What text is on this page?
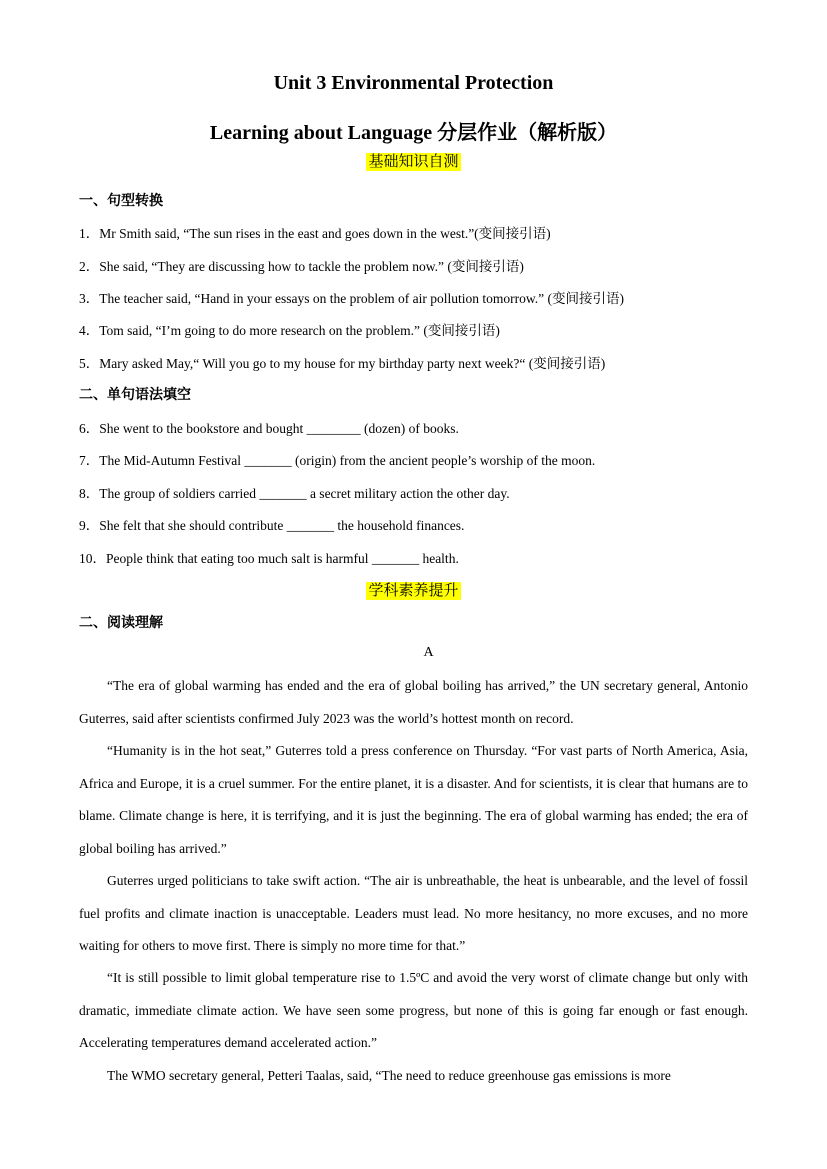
Unit 3 Environmental Protection
Learning about Language 分层作业（解析版）
基础知识自测
一、句型转换
1．Mr Smith said, “The sun rises in the east and goes down in the west.”(变间接引语)
2．She said, “They are discussing how to tackle the problem now.” (变间接引语)
3．The teacher said, “Hand in your essays on the problem of air pollution tomorrow.” (变间接引语)
4．Tom said, “I’m going to do more research on the problem.” (变间接引语)
5．Mary asked May,“ Will you go to my house for my birthday party next week?“ (变间接引语)
二、单句语法填空
6．She went to the bookstore and bought ________ (dozen) of books.
7．The Mid-Autumn Festival _______ (origin) from the ancient people’s worship of the moon.
8．The group of soldiers carried _______ a secret military action the other day.
9．She felt that she should contribute _______ the household finances.
10．People think that eating too much salt is harmful _______ health.
学科素养提升
二、阅读理解
A
“The era of global warming has ended and the era of global boiling has arrived,” the UN secretary general, Antonio Guterres, said after scientists confirmed July 2023 was the world’s hottest month on record.
“Humanity is in the hot seat,” Guterres told a press conference on Thursday. “For vast parts of North America, Asia, Africa and Europe, it is a cruel summer. For the entire planet, it is a disaster. And for scientists, it is clear that humans are to blame. Climate change is here, it is terrifying, and it is just the beginning. The era of global warming has ended; the era of global boiling has arrived.”
Guterres urged politicians to take swift action. “The air is unbreathable, the heat is unbearable, and the level of fossil fuel profits and climate inaction is unacceptable. Leaders must lead. No more hesitancy, no more excuses, and no more waiting for others to move first. There is simply no more time for that.”
“It is still possible to limit global temperature rise to 1.5ºC and avoid the very worst of climate change but only with dramatic, immediate climate action. We have seen some progress, but none of this is going far enough or fast enough. Accelerating temperatures demand accelerated action.”
The WMO secretary general, Petteri Taalas, said, “The need to reduce greenhouse gas emissions is more
